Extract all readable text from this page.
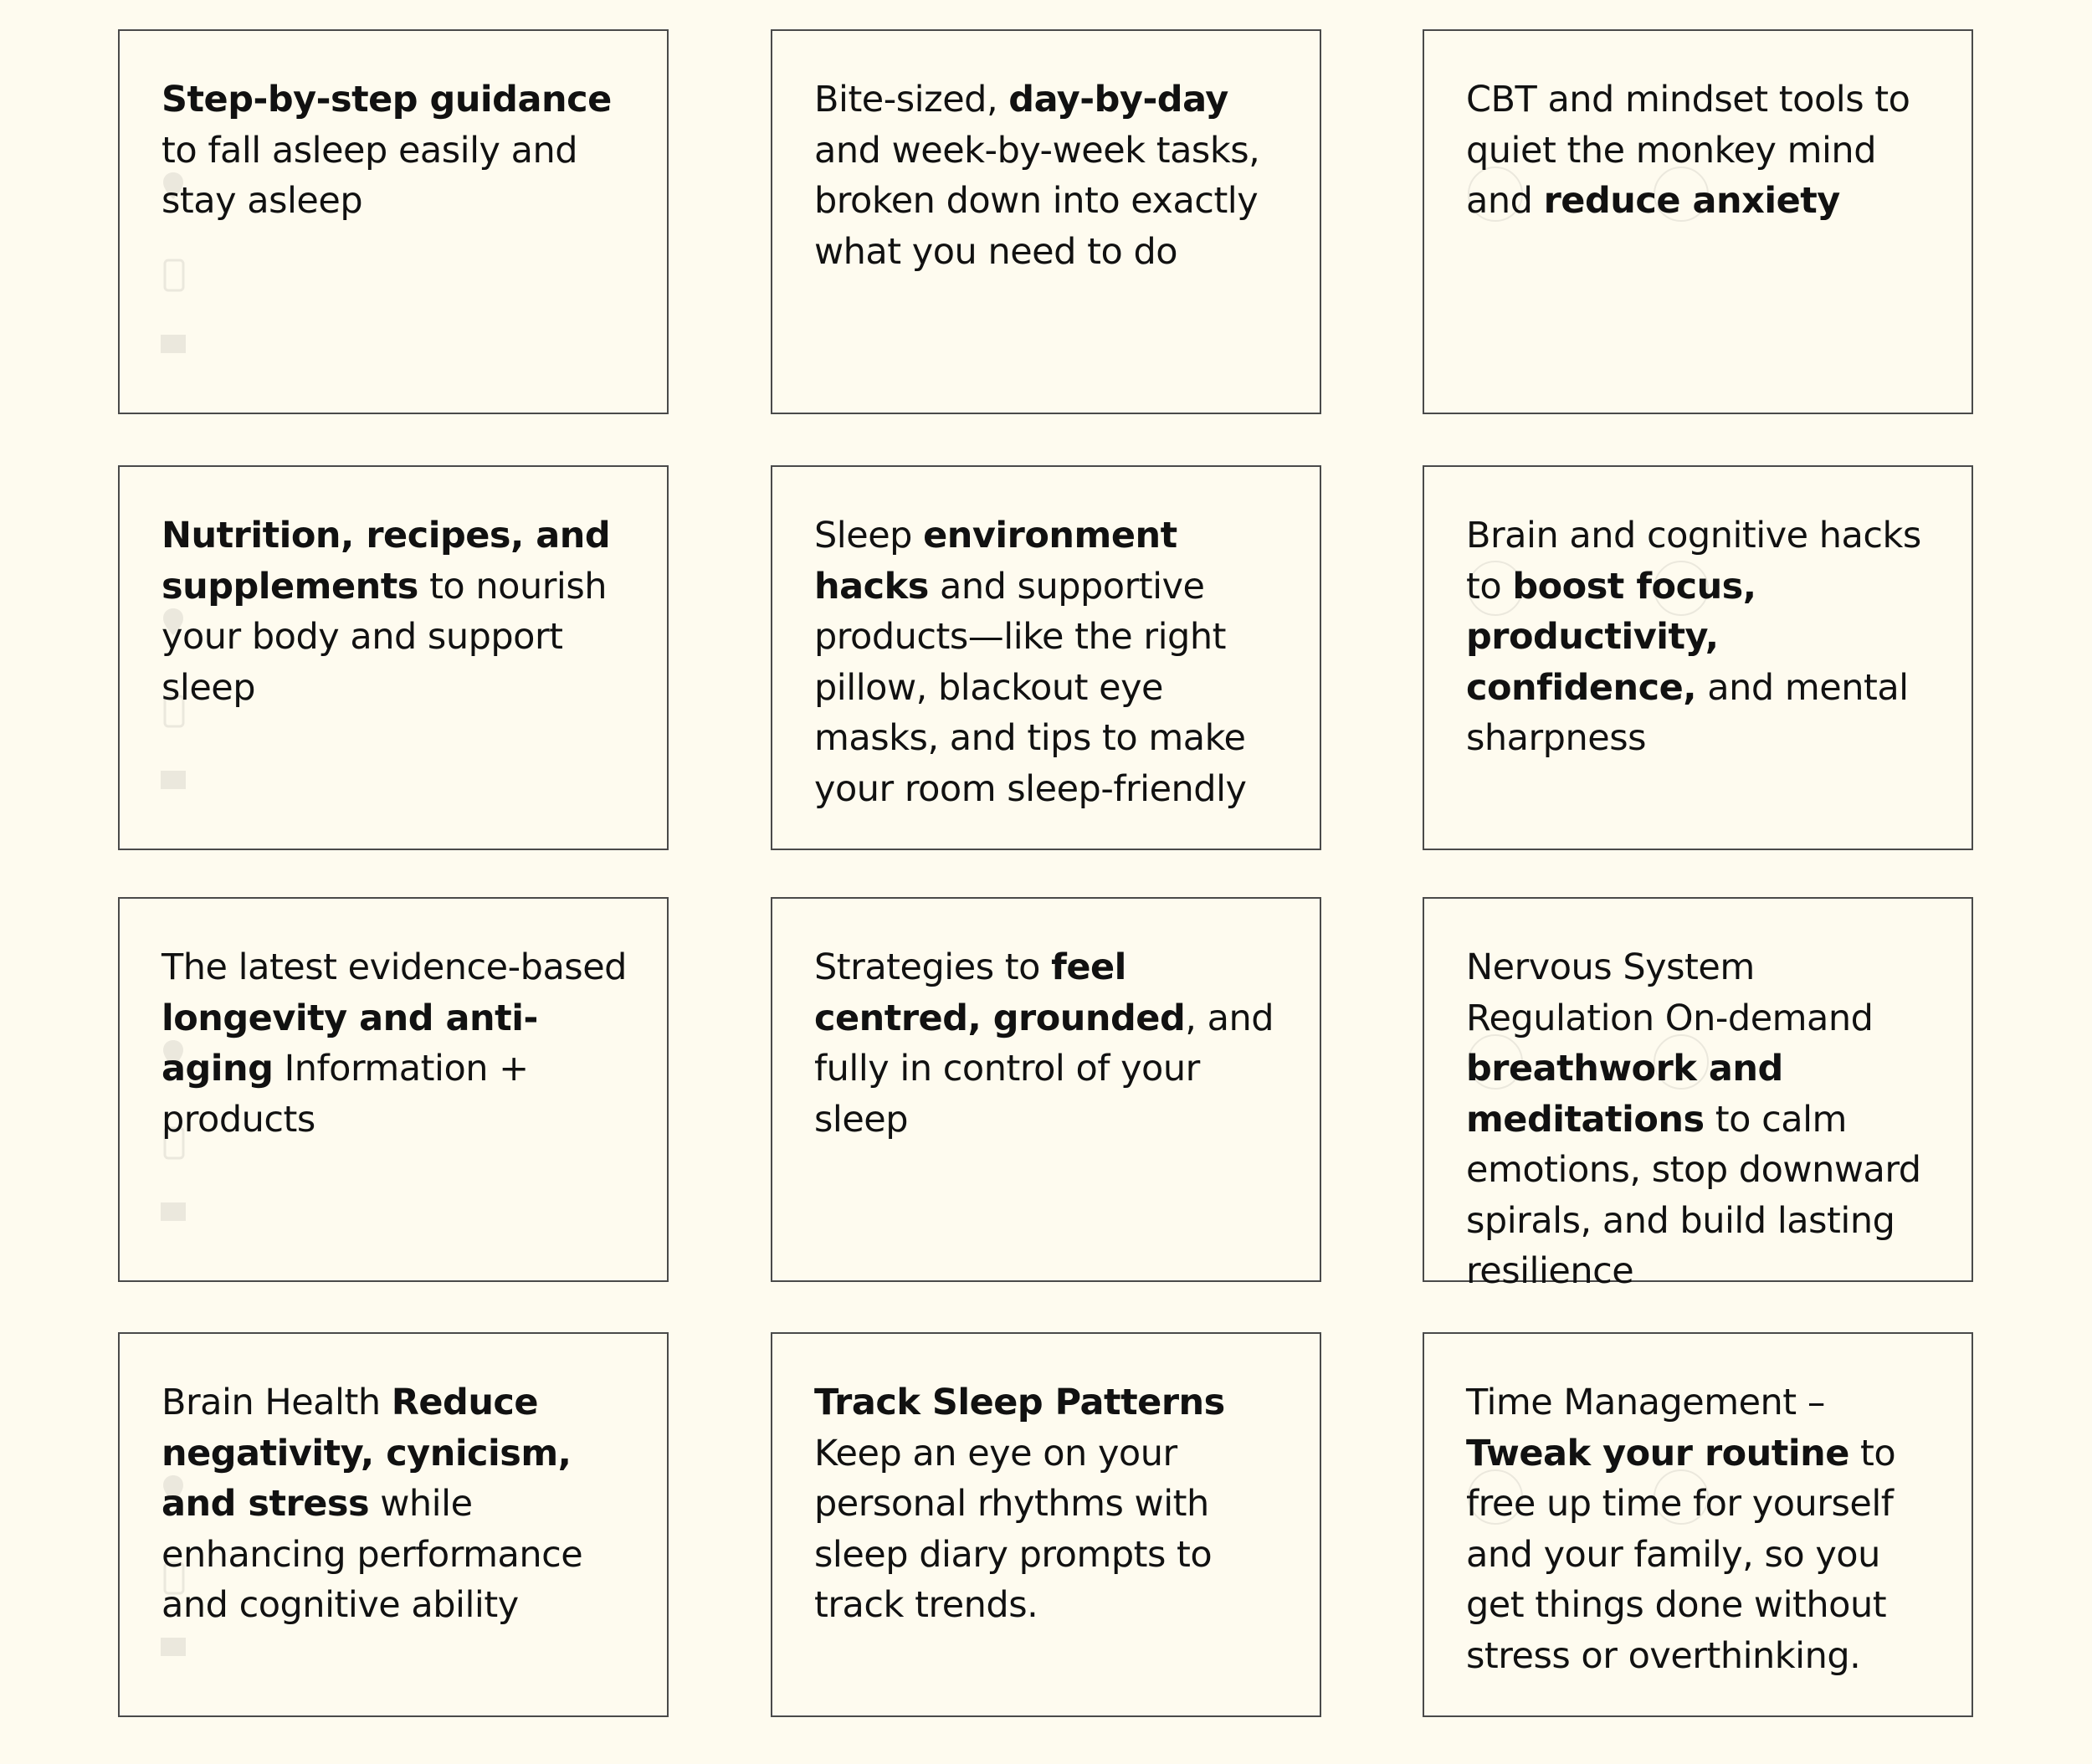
Step-by-step guidance to fall asleep easily and stay asleep
Bite-sized, day-by-day and week-by-week tasks, broken down into exactly what you need to do
CBT and mindset tools to quiet the monkey mind and reduce anxiety
Nutrition, recipes, and supplements to nourish your body and support sleep
Sleep environment hacks and supportive products—like the right pillow, blackout eye masks, and tips to make your room sleep-friendly
Brain and cognitive hacks to boost focus, productivity, confidence, and mental sharpness
The latest evidence-based longevity and anti-aging Information + products
Strategies to feel centred, grounded, and fully in control of your sleep
Nervous System Regulation On-demand breathwork and meditations to calm emotions, stop downward spirals, and build lasting resilience
Brain Health Reduce negativity, cynicism, and stress while enhancing performance and cognitive ability
Track Sleep Patterns Keep an eye on your personal rhythms with sleep diary prompts to track trends.
Time Management – Tweak your routine to free up time for yourself and your family, so you get things done without stress or overthinking.
